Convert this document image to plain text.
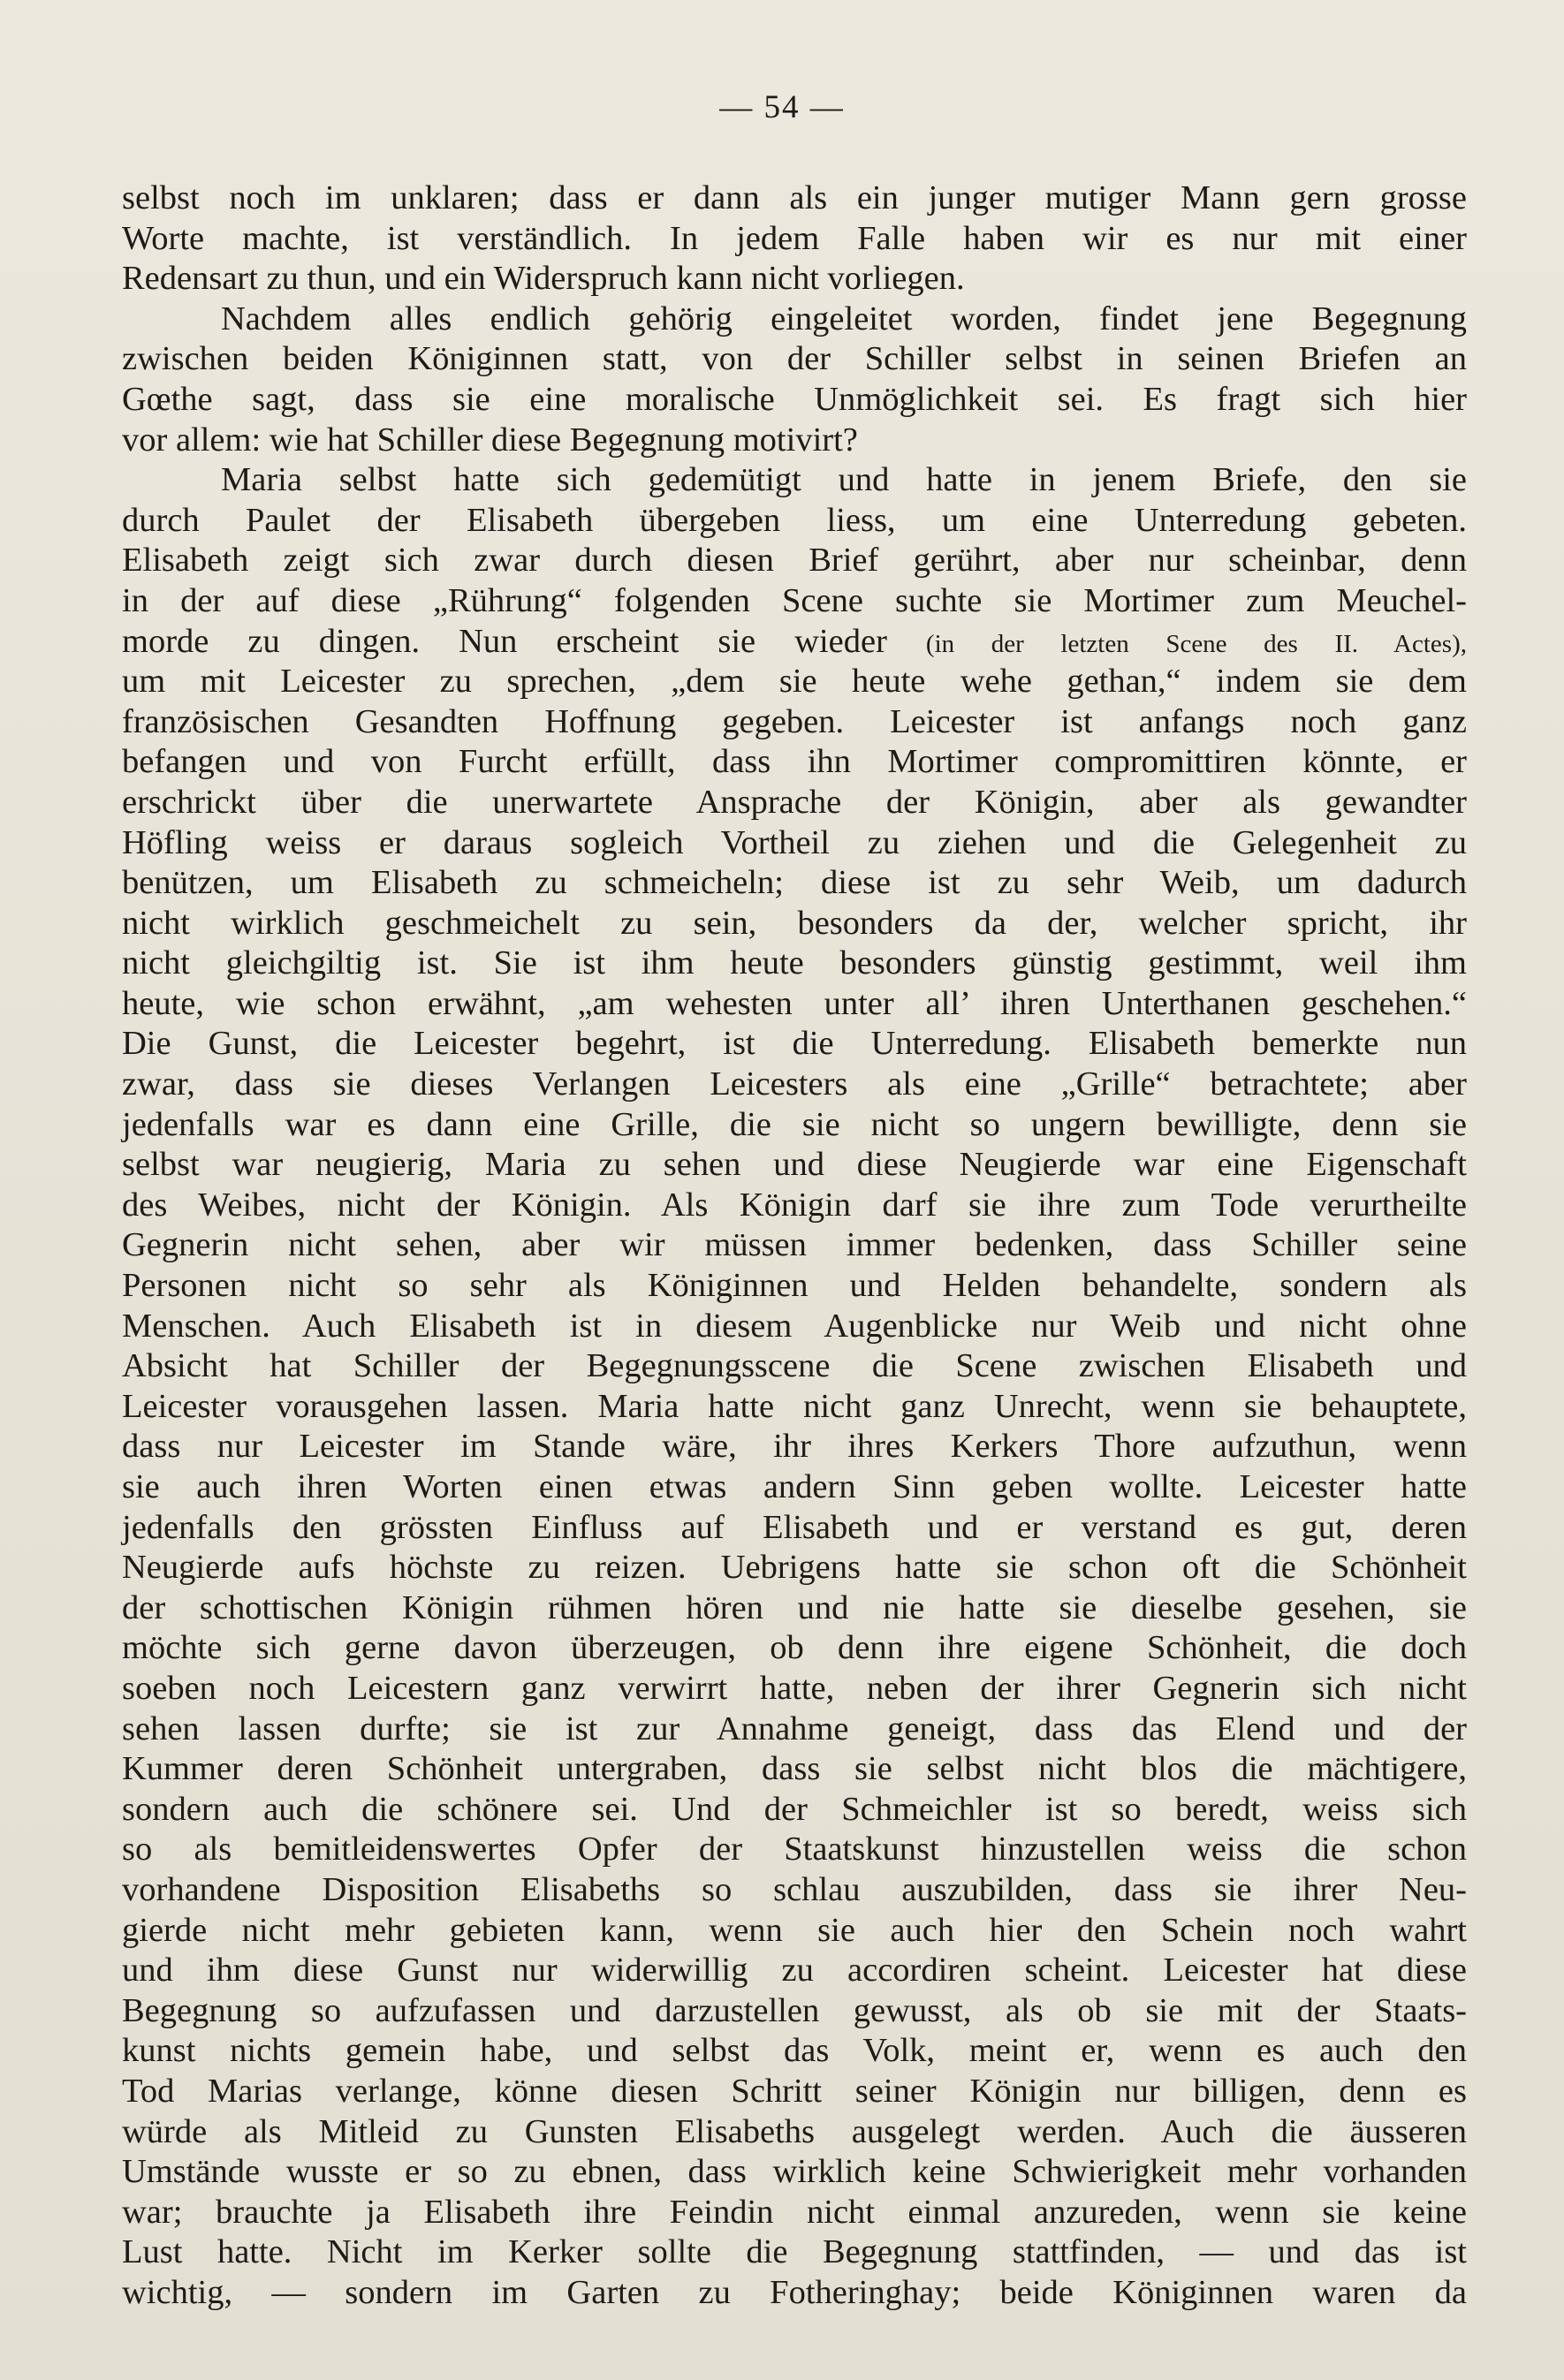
— 54 —
selbst noch im unklaren; dass er dann als ein junger mutiger Mann gern grosse
Worte machte, ist verständlich. In jedem Falle haben wir es nur mit einer
Redensart zu thun, und ein Widerspruch kann nicht vorliegen.
Nachdem alles endlich gehörig eingeleitet worden, findet jene Begegnung
zwischen beiden Königinnen statt, von der Schiller selbst in seinen Briefen an
Gœthe sagt, dass sie eine moralische Unmöglichkeit sei. Es fragt sich hier
vor allem: wie hat Schiller diese Begegnung motivirt?
Maria selbst hatte sich gedemütigt und hatte in jenem Briefe, den sie
durch Paulet der Elisabeth übergeben liess, um eine Unterredung gebeten.
Elisabeth zeigt sich zwar durch diesen Brief gerührt, aber nur scheinbar, denn
in der auf diese „Rührung“ folgenden Scene suchte sie Mortimer zum Meuchel-
morde zu dingen. Nun erscheint sie wieder (in der letzten Scene des II. Actes),
um mit Leicester zu sprechen, „dem sie heute wehe gethan,“ indem sie dem
französischen Gesandten Hoffnung gegeben. Leicester ist anfangs noch ganz
befangen und von Furcht erfüllt, dass ihn Mortimer compromittiren könnte, er
erschrickt über die unerwartete Ansprache der Königin, aber als gewandter
Höfling weiss er daraus sogleich Vortheil zu ziehen und die Gelegenheit zu
benützen, um Elisabeth zu schmeicheln; diese ist zu sehr Weib, um dadurch
nicht wirklich geschmeichelt zu sein, besonders da der, welcher spricht, ihr
nicht gleichgiltig ist. Sie ist ihm heute besonders günstig gestimmt, weil ihm
heute, wie schon erwähnt, „am wehesten unter all’ ihren Unterthanen geschehen.“
Die Gunst, die Leicester begehrt, ist die Unterredung. Elisabeth bemerkte nun
zwar, dass sie dieses Verlangen Leicesters als eine „Grille“ betrachtete; aber
jedenfalls war es dann eine Grille, die sie nicht so ungern bewilligte, denn sie
selbst war neugierig, Maria zu sehen und diese Neugierde war eine Eigenschaft
des Weibes, nicht der Königin. Als Königin darf sie ihre zum Tode verurtheilte
Gegnerin nicht sehen, aber wir müssen immer bedenken, dass Schiller seine
Personen nicht so sehr als Königinnen und Helden behandelte, sondern als
Menschen. Auch Elisabeth ist in diesem Augenblicke nur Weib und nicht ohne
Absicht hat Schiller der Begegnungsscene die Scene zwischen Elisabeth und
Leicester vorausgehen lassen. Maria hatte nicht ganz Unrecht, wenn sie behauptete,
dass nur Leicester im Stande wäre, ihr ihres Kerkers Thore aufzuthun, wenn
sie auch ihren Worten einen etwas andern Sinn geben wollte. Leicester hatte
jedenfalls den grössten Einfluss auf Elisabeth und er verstand es gut, deren
Neugierde aufs höchste zu reizen. Uebrigens hatte sie schon oft die Schönheit
der schottischen Königin rühmen hören und nie hatte sie dieselbe gesehen, sie
möchte sich gerne davon überzeugen, ob denn ihre eigene Schönheit, die doch
soeben noch Leicestern ganz verwirrt hatte, neben der ihrer Gegnerin sich nicht
sehen lassen durfte; sie ist zur Annahme geneigt, dass das Elend und der
Kummer deren Schönheit untergraben, dass sie selbst nicht blos die mächtigere,
sondern auch die schönere sei. Und der Schmeichler ist so beredt, weiss sich
so als bemitleidenswertes Opfer der Staatskunst hinzustellen weiss die schon
vorhandene Disposition Elisabeths so schlau auszubilden, dass sie ihrer Neu-
gierde nicht mehr gebieten kann, wenn sie auch hier den Schein noch wahrt
und ihm diese Gunst nur widerwillig zu accordiren scheint. Leicester hat diese
Begegnung so aufzufassen und darzustellen gewusst, als ob sie mit der Staats-
kunst nichts gemein habe, und selbst das Volk, meint er, wenn es auch den
Tod Marias verlange, könne diesen Schritt seiner Königin nur billigen, denn es
würde als Mitleid zu Gunsten Elisabeths ausgelegt werden. Auch die äusseren
Umstände wusste er so zu ebnen, dass wirklich keine Schwierigkeit mehr vorhanden
war; brauchte ja Elisabeth ihre Feindin nicht einmal anzureden, wenn sie keine
Lust hatte. Nicht im Kerker sollte die Begegnung stattfinden, — und das ist
wichtig, — sondern im Garten zu Fotheringhay; beide Königinnen waren da
